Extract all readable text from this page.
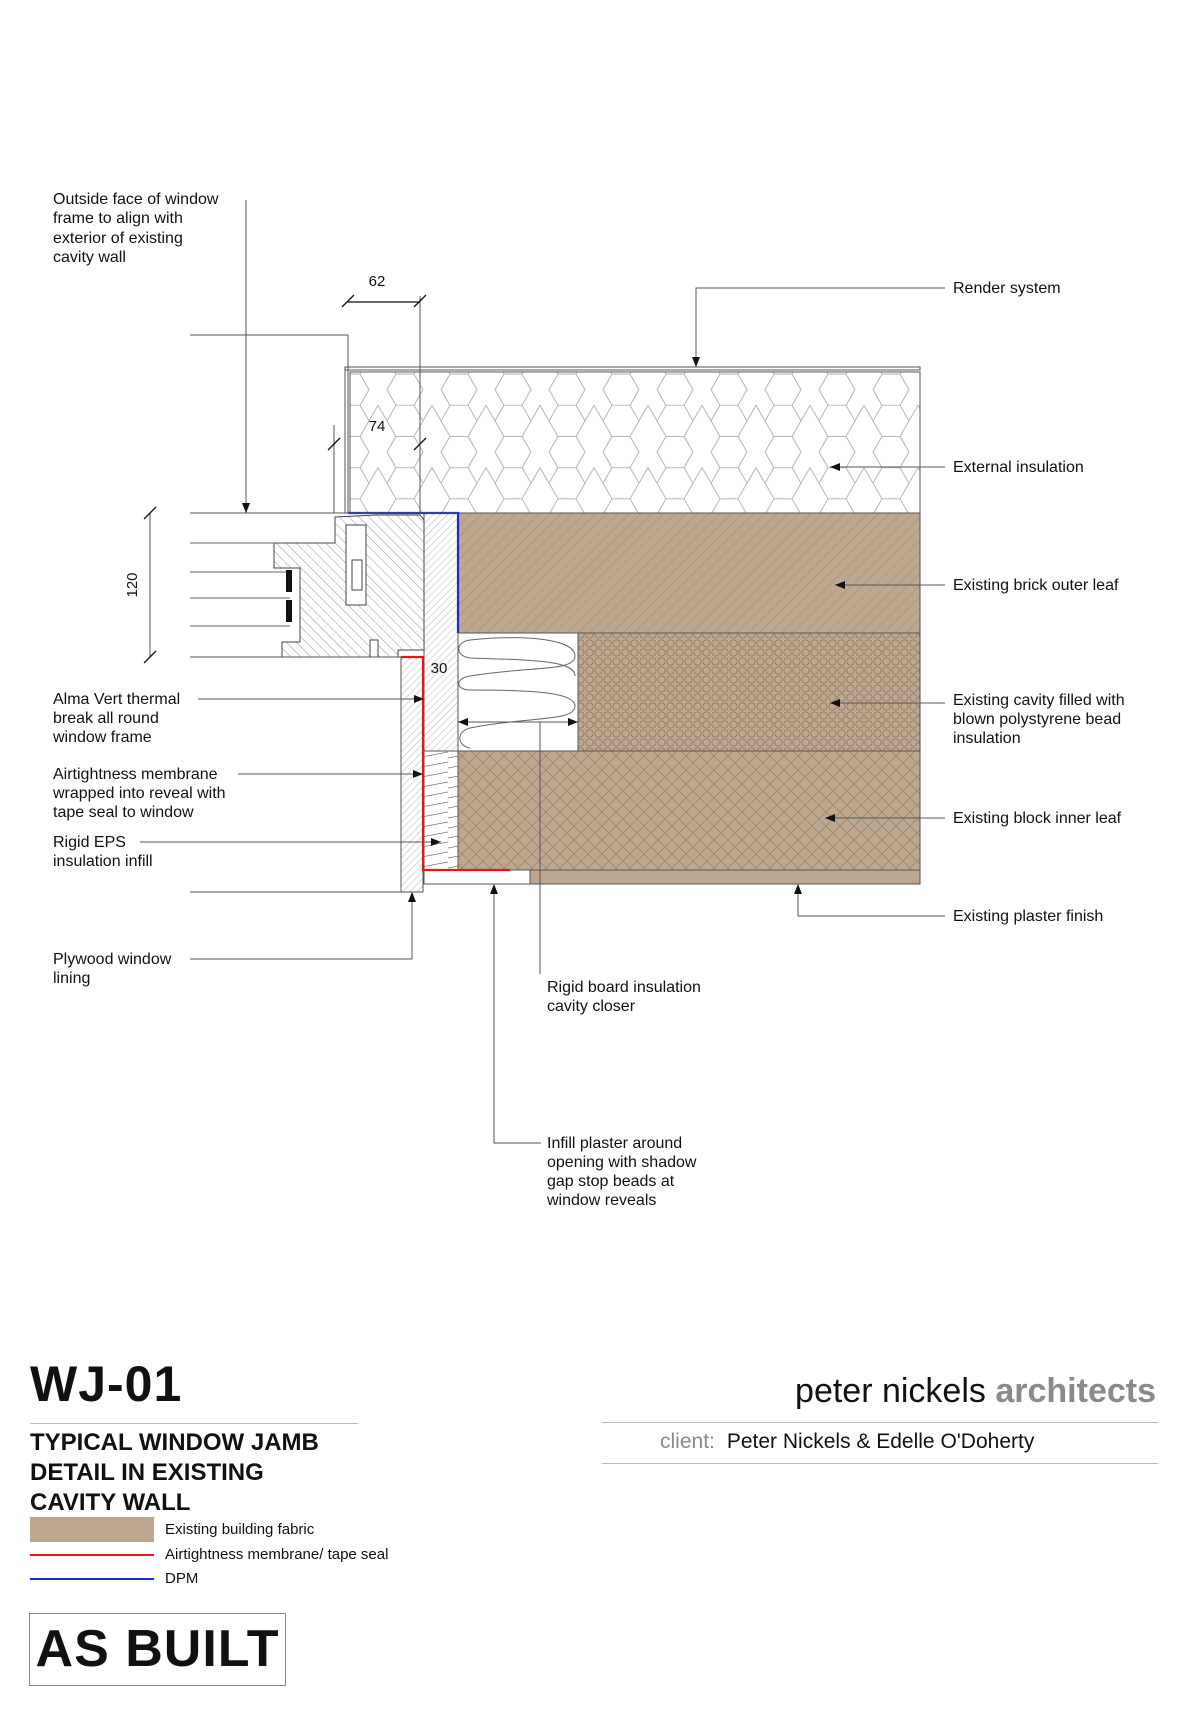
62
74
30
120
Outside face of window
frame to align with
exterior of existing
cavity wall
Render system
External insulation
Existing brick outer leaf
Existing cavity filled with
blown polystyrene bead
insulation
Existing block inner leaf
Existing plaster finish
Alma Vert thermal
break all round
window frame
Airtightness membrane
wrapped into reveal with
tape seal to window
Rigid EPS
insulation infill
Plywood window
lining
Rigid board insulation
cavity closer
Infill plaster around
opening with shadow
gap stop beads at
window reveals
WJ-01
TYPICAL WINDOW JAMB
DETAIL IN EXISTING
CAVITY WALL
peter nickels architects
client: Peter Nickels & Edelle O'Doherty
Existing building fabric
Airtightness membrane/ tape seal
DPM
AS BUILT
